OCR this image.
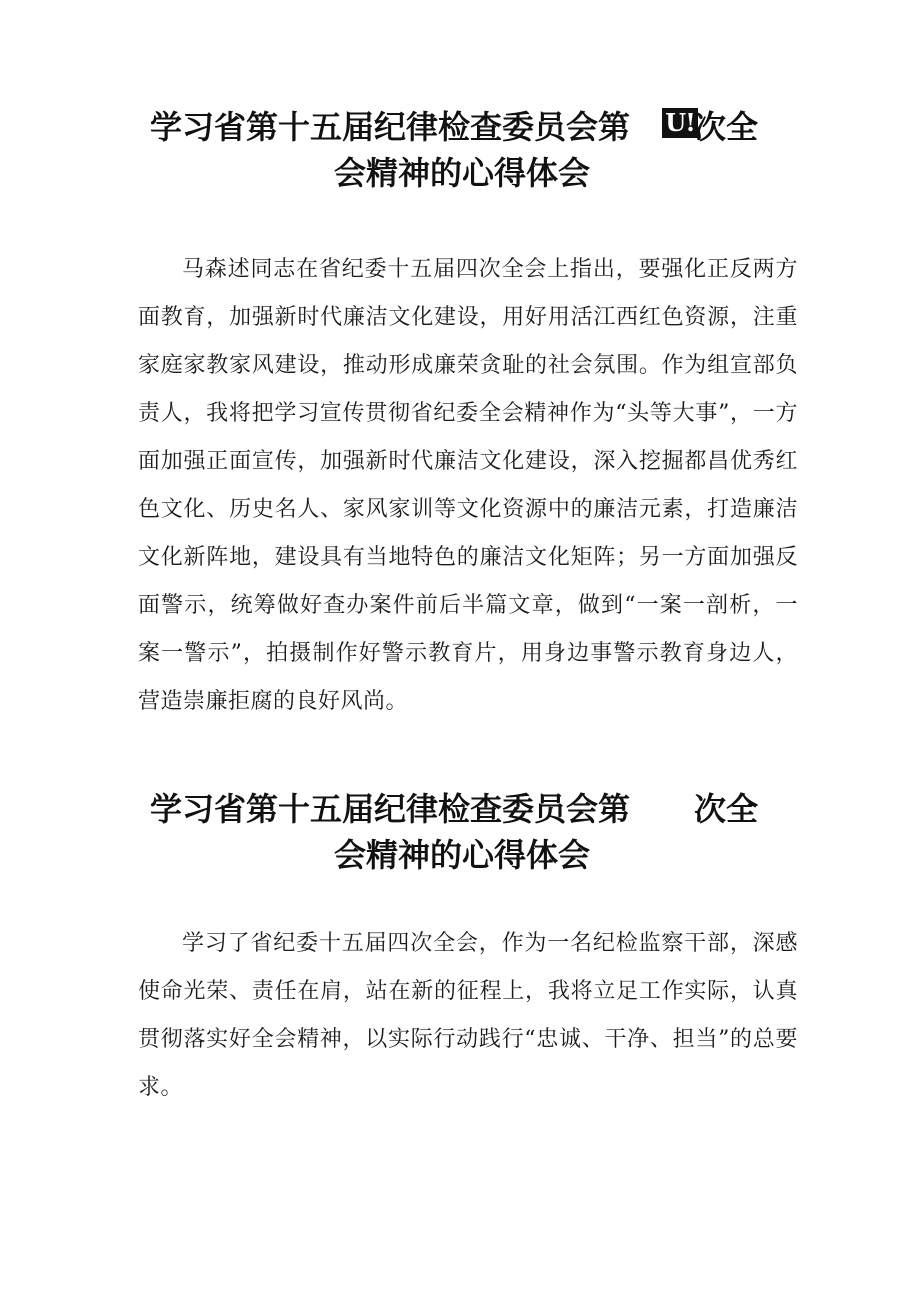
学习省第十五届纪律检查委员会第 U! 次全
会精神的心得体会

马森述同志在省纪委十五届四次全会上指出，要强化正反两方面教育，加强新时代廉洁文化建设，用好用活江西红色资源，注重家庭家教家风建设，推动形成廉荣贪耻的社会氛围。作为组宣部负责人，我将把学习宣传贯彻省纪委全会精神作为“头等大事”，一方面加强正面宣传，加强新时代廉洁文化建设，深入挖掘都昌优秀红色文化、历史名人、家风家训等文化资源中的廉洁元素，打造廉洁文化新阵地，建设具有当地特色的廉洁文化矩阵；另一方面加强反面警示，统筹做好查办案件前后半篇文章，做到“一案一剖析，一案一警示”，拍摄制作好警示教育片，用身边事警示教育身边人，营造崇廉拒腐的良好风尚。

学习省第十五届纪律检查委员会第 次全
会精神的心得体会

学习了省纪委十五届四次全会，作为一名纪检监察干部，深感使命光荣、责任在肩，站在新的征程上，我将立足工作实际，认真贯彻落实好全会精神，以实际行动践行“忠诚、干净、担当”的总要求。
